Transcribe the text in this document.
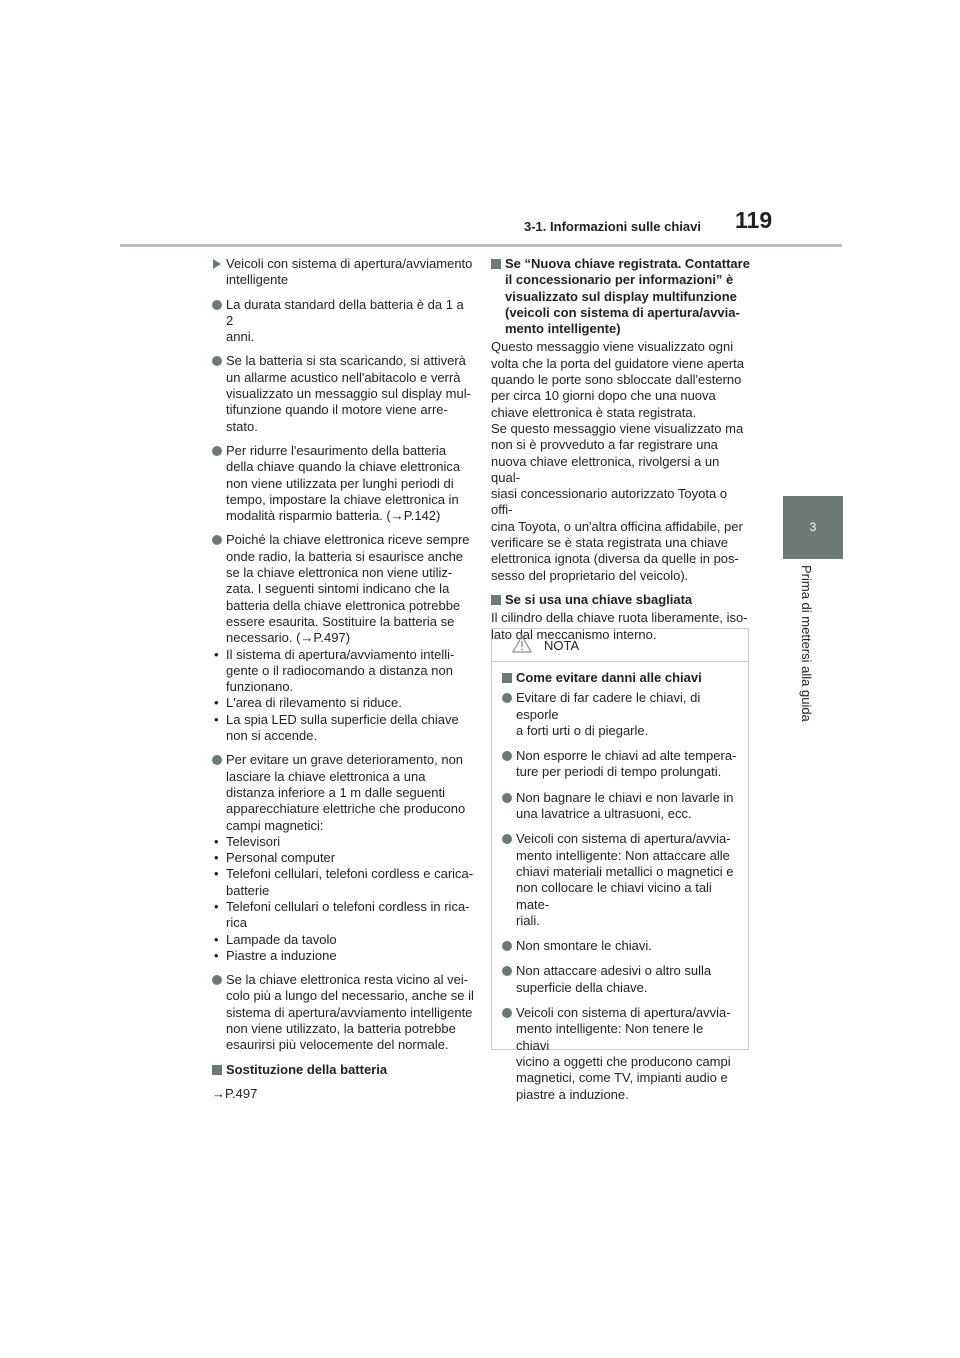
3-1. Informazioni sulle chiavi 119
3
Prima di mettersi alla guida
Veicoli con sistema di apertura/avviamento
intelligente
La durata standard della batteria è da 1 a 2
anni.
Se la batteria si sta scaricando, si attiverà
un allarme acustico nell'abitacolo e verrà
visualizzato un messaggio sul display mul-
tifunzione quando il motore viene arre-
stato.
Per ridurre l'esaurimento della batteria
della chiave quando la chiave elettronica
non viene utilizzata per lunghi periodi di
tempo, impostare la chiave elettronica in
modalità risparmio batteria. (→P.142)
Poiché la chiave elettronica riceve sempre
onde radio, la batteria si esaurisce anche
se la chiave elettronica non viene utiliz-
zata. I seguenti sintomi indicano che la
batteria della chiave elettronica potrebbe
essere esaurita. Sostituire la batteria se
necessario. (→P.497)
• Il sistema di apertura/avviamento intelli-
gente o il radiocomando a distanza non
funzionano.
• L'area di rilevamento si riduce.
• La spia LED sulla superficie della chiave
non si accende.
Per evitare un grave deterioramento, non
lasciare la chiave elettronica a una
distanza inferiore a 1 m dalle seguenti
apparecchiature elettriche che producono
campi magnetici:
• Televisori
• Personal computer
• Telefoni cellulari, telefoni cordless e carica-
batterie
• Telefoni cellulari o telefoni cordless in rica-
rica
• Lampade da tavolo
• Piastre a induzione
Se la chiave elettronica resta vicino al vei-
colo più a lungo del necessario, anche se il
sistema di apertura/avviamento intelligente
non viene utilizzato, la batteria potrebbe
esaurirsi più velocemente del normale.
Sostituzione della batteria
→P.497
Se “Nuova chiave registrata. Contattare
il concessionario per informazioni” è
visualizzato sul display multifunzione
(veicoli con sistema di apertura/avvia-
mento intelligente)
Questo messaggio viene visualizzato ogni
volta che la porta del guidatore viene aperta
quando le porte sono sbloccate dall'esterno
per circa 10 giorni dopo che una nuova
chiave elettronica è stata registrata.
Se questo messaggio viene visualizzato ma
non si è provveduto a far registrare una
nuova chiave elettronica, rivolgersi a un qual-
siasi concessionario autorizzato Toyota o offi-
cina Toyota, o un'altra officina affidabile, per
verificare se è stata registrata una chiave
elettronica ignota (diversa da quelle in pos-
sesso del proprietario del veicolo).
Se si usa una chiave sbagliata
Il cilindro della chiave ruota liberamente, iso-
lato dal meccanismo interno.
NOTA
Come evitare danni alle chiavi
Evitare di far cadere le chiavi, di esporle
a forti urti o di piegarle.
Non esporre le chiavi ad alte tempera-
ture per periodi di tempo prolungati.
Non bagnare le chiavi e non lavarle in
una lavatrice a ultrasuoni, ecc.
Veicoli con sistema di apertura/avvia-
mento intelligente: Non attaccare alle
chiavi materiali metallici o magnetici e
non collocare le chiavi vicino a tali mate-
riali.
Non smontare le chiavi.
Non attaccare adesivi o altro sulla
superficie della chiave.
Veicoli con sistema di apertura/avvia-
mento intelligente: Non tenere le chiavi
vicino a oggetti che producono campi
magnetici, come TV, impianti audio e
piastre a induzione.
